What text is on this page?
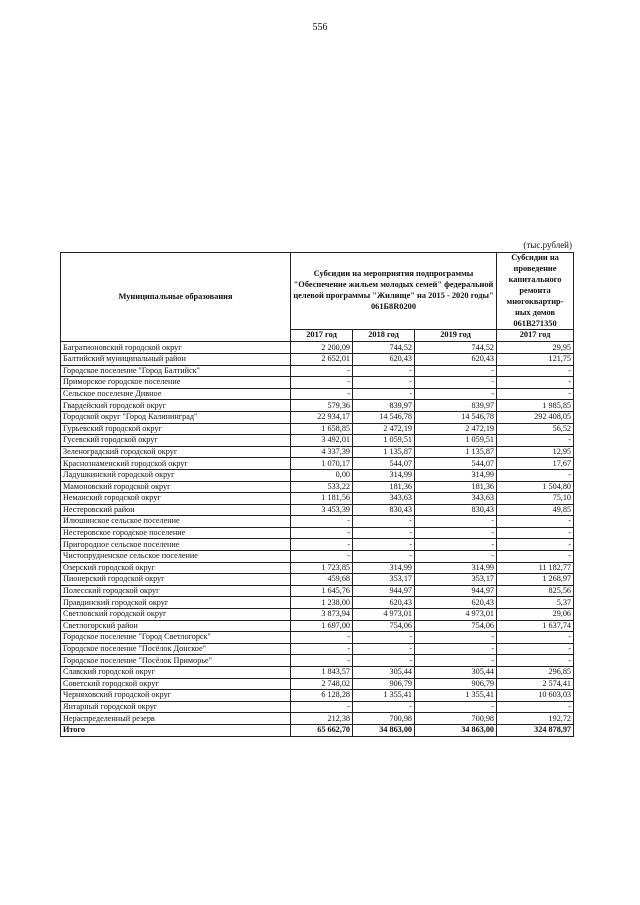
556
(тыс.рублей)
Муниципальные образования	Субсидии на мероприятия подпрограммы "Обеспечение жильем молодых семей" федеральной целевой программы "Жилище" на 2015 - 2020 годы" 061Б8R0200			Субсидии на проведение капитального ремонта многоквартир-ных домов 061В271350
	2017 год	2018 год	2019 год	2017 год
Багратионовский городской округ	2 200,09	744,52	744,52	29,95
Балтийский муниципальный район	2 652,01	620,43	620,43	121,75
Городское поселение "Город Балтийск"	-	-	-	-
Приморское городское поселение	-	-	-	-
Сельское поселение Дивное	-	-	-	-
Гвардейский городской округ	579,36	839,97	839,97	1 985,85
Городской округ "Город Калининград"	22 934,17	14 546,78	14 546,78	292 408,05
Гурьевский городской округ	1 658,85	2 472,19	2 472,19	56,52
Гусевский городской округ	3 492,01	1 059,51	1 059,51	-
Зеленоградский городской округ	4 337,39	1 135,87	1 135,87	12,95
Краснознаменский городской округ	1 070,17	544,07	544,07	17,67
Ладушкинский городской округ	0,00	314,99	314,99	-
Мамоновский городской округ	533,22	181,36	181,36	1 504,80
Неманский городской округ	1 181,56	343,63	343,63	75,10
Нестеровский район	3 453,39	830,43	830,43	49,85
Илюшинское сельское поселение	-	-	-	-
Нестеровское городское поселение	-	-	-	-
Пригородное сельское поселение	-	-	-	-
Чистопрудненское сельское поселение	-	-	-	-
Озерский городской округ	1 723,85	314,99	314,99	11 182,77
Пионерский городской округ	459,68	353,17	353,17	1 268,97
Полесский городской округ	1 645,76	944,97	944,97	825,56
Правдинский городской округ	1 238,00	620,43	620,43	5,37
Светловский городской округ	3 873,94	4 973,01	4 973,01	29,06
Светлогорский район	1 697,00	754,06	754,06	1 637,74
Городское поселение "Город Светлогорск"	-	-	-	-
Городское поселение "Посёлок Донское"	-	-	-	-
Городское поселение "Посёлок Приморье"	-	-	-	-
Славский городской округ	1 843,57	305,44	305,44	296,85
Советский городской округ	2 748,02	906,79	906,79	2 574,41
Черняховский городской округ	6 128,28	1 355,41	1 355,41	10 603,03
Янтарный городской округ	-	-	-	-
Нераспределенный резерв	212,38	700,98	700,98	192,72
Итого	65 662,70	34 863,00	34 863,00	324 878,97
